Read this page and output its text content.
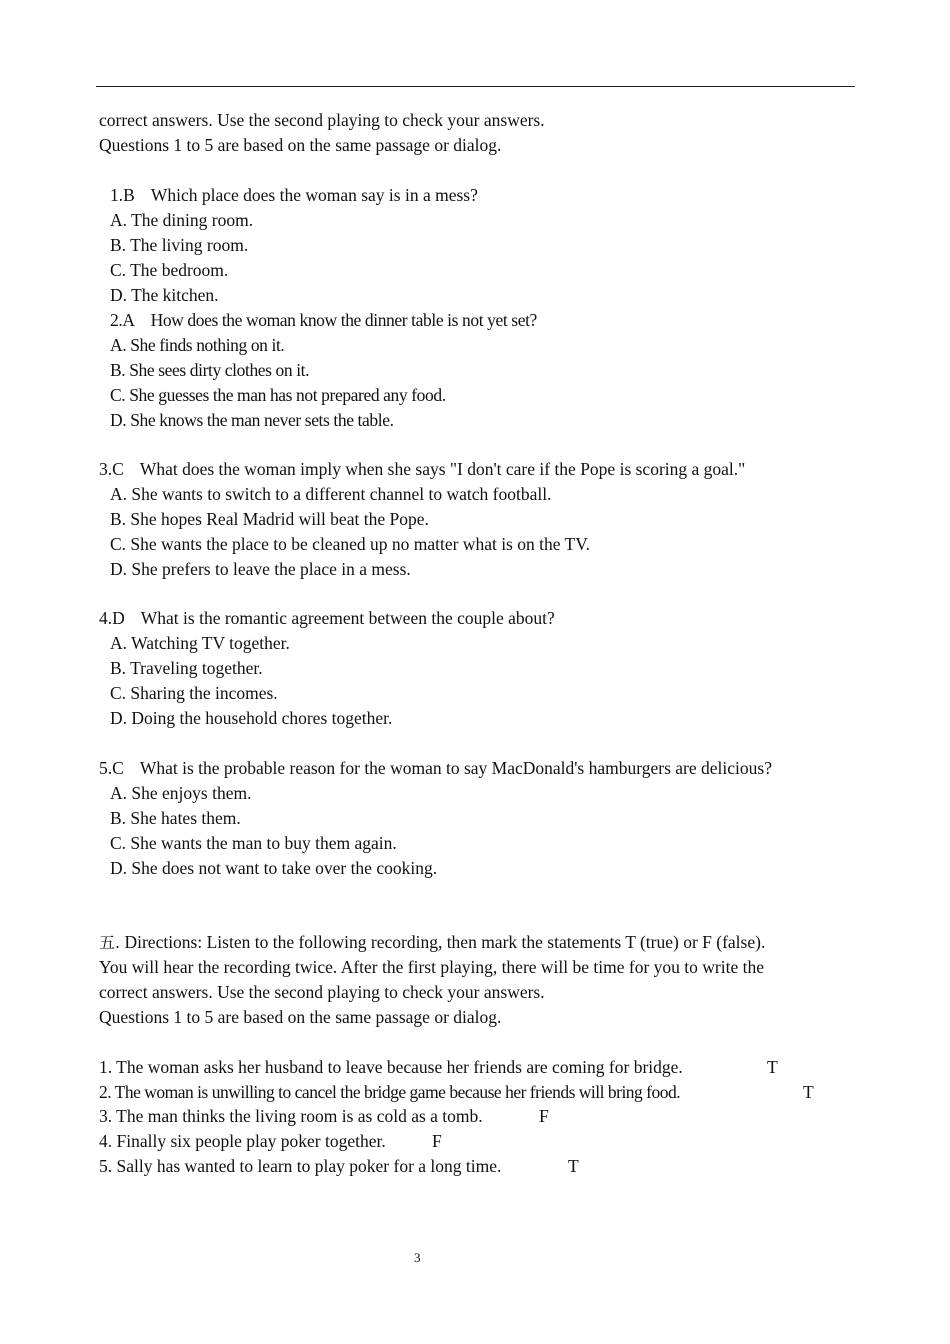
correct answers. Use the second playing to check your answers.
Questions 1 to 5 are based on the same passage or dialog.
1.B Which place does the woman say is in a mess?
A. The dining room.
B. The living room.
C. The bedroom.
D. The kitchen.
2.A How does the woman know the dinner table is not yet set?
A. She finds nothing on it.
B. She sees dirty clothes on it.
C. She guesses the man has not prepared any food.
D. She knows the man never sets the table.
3.C What does the woman imply when she says "I don't care if the Pope is scoring a goal."
A. She wants to switch to a different channel to watch football.
B. She hopes Real Madrid will beat the Pope.
C. She wants the place to be cleaned up no matter what is on the TV.
D. She prefers to leave the place in a mess.
4.D What is the romantic agreement between the couple about?
A. Watching TV together.
B. Traveling together.
C. Sharing the incomes.
D. Doing the household chores together.
5.C What is the probable reason for the woman to say MacDonald's hamburgers are delicious?
A. She enjoys them.
B. She hates them.
C. She wants the man to buy them again.
D. She does not want to take over the cooking.
五. Directions: Listen to the following recording, then mark the statements T (true) or F (false).
You will hear the recording twice. After the first playing, there will be time for you to write the
correct answers. Use the second playing to check your answers.
Questions 1 to 5 are based on the same passage or dialog.
1. The woman asks her husband to leave because her friends are coming for bridge.	T
2. The woman is unwilling to cancel the bridge game because her friends will bring food.	T
3. The man thinks the living room is as cold as a tomb.	F
4. Finally six people play poker together.	F
5. Sally has wanted to learn to play poker for a long time.	T
3
